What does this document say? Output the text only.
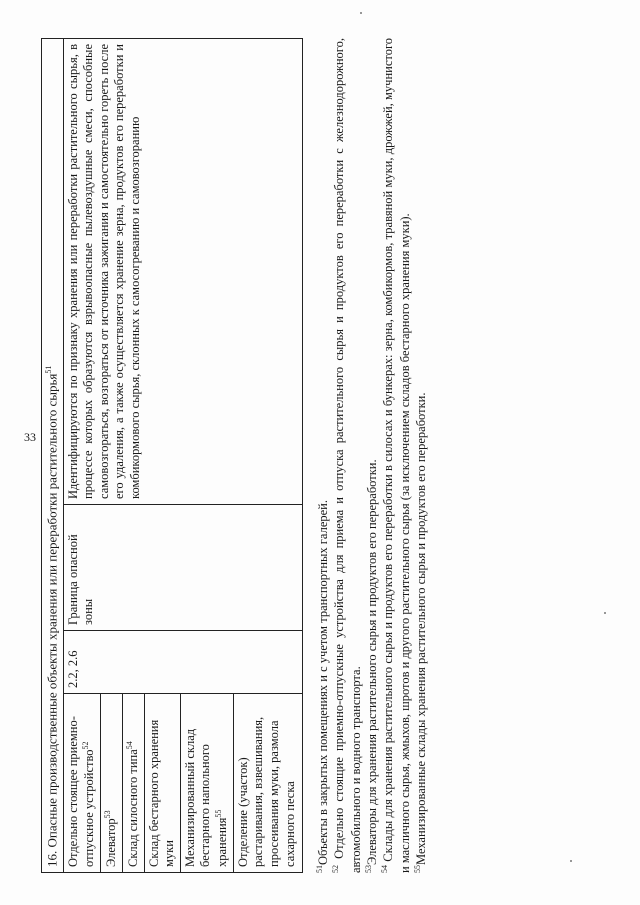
33 16. Опасные производственные объекты хранения или переработки растительного сырья$^{51}$
Отдельно стоящее приемно-отпускное устройство$^{52}$	2.2, 2.6	Граница опасной зоны	Идентифицируются по признаку хранения или переработки растительного сырья, в процессе которых образуются взрывоопасные пылевоздушные смеси, способные самовозгораться, возгораться от источника зажигания и самостоятельно гореть после его удаления, а также осуществляется хранение зерна, продуктов его переработки и комбикормового сырья, склонных к самосогреванию и самовозгоранию
Элеватор$^{53}$
Склад силосного типа$^{54}$
Склад бестарного хранения муки
Механизированный склад бестарного напольного хранения$^{55}$
Отделение (участок) растаривания, взвешивания, просеивания муки, размола сахарного песка
$^{51}$Объекты в закрытых помещениях и с учетом транспортных галерей.
$^{52}$ Отдельно стоящие приемно-отпускные устройства для приема и отпуска растительного сырья и продуктов его переработки с железнодорожного, автомобильного и водного транспорта. $^{53}$Элеваторы для хранения растительного сырья и продуктов его переработки.
$^{54}$ Склады для хранения растительного сырья и продуктов его переработки в силосах и бункерах: зерна, комбикормов, травяной муки, дрожжей, мучнистого и масличного сырья, жмыхов, шротов и другого растительного сырья (за исключением складов бестарного хранения муки). $^{55}$Механизированные склады хранения растительного сырья и продуктов его переработки.
